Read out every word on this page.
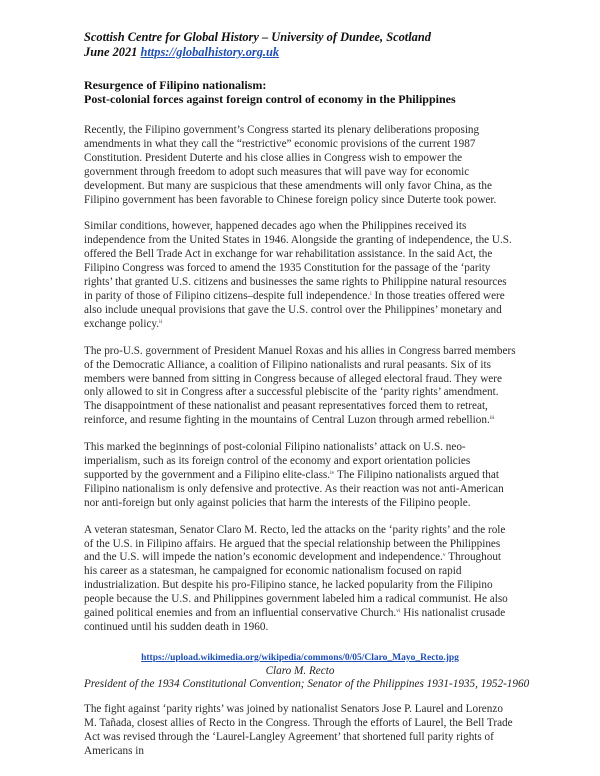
Scottish Centre for Global History – University of Dundee, Scotland
June 2021 https://globalhistory.org.uk
Resurgence of Filipino nationalism:
Post-colonial forces against foreign control of economy in the Philippines

Recently, the Filipino government’s Congress started its plenary deliberations proposing amendments in what they call the “restrictive” economic provisions of the current 1987 Constitution. President Duterte and his close allies in Congress wish to empower the government through freedom to adopt such measures that will pave way for economic development. But many are suspicious that these amendments will only favor China, as the Filipino government has been favorable to Chinese foreign policy since Duterte took power.

Similar conditions, however, happened decades ago when the Philippines received its independence from the United States in 1946. Alongside the granting of independence, the U.S. offered the Bell Trade Act in exchange for war rehabilitation assistance. In the said Act, the Filipino Congress was forced to amend the 1935 Constitution for the passage of the ‘parity rights’ that granted U.S. citizens and businesses the same rights to Philippine natural resources in parity of those of Filipino citizens–despite full independence.$^i$ In those treaties offered were also include unequal provisions that gave the U.S. control over the Philippines’ monetary and exchange policy.$^{ii}$

The pro-U.S. government of President Manuel Roxas and his allies in Congress barred members of the Democratic Alliance, a coalition of Filipino nationalists and rural peasants. Six of its members were banned from sitting in Congress because of alleged electoral fraud. They were only allowed to sit in Congress after a successful plebiscite of the ‘parity rights’ amendment. The disappointment of these nationalist and peasant representatives forced them to retreat, reinforce, and resume fighting in the mountains of Central Luzon through armed rebellion.$^{iii}$

This marked the beginnings of post-colonial Filipino nationalists’ attack on U.S. neo-imperialism, such as its foreign control of the economy and export orientation policies supported by the government and a Filipino elite-class.$^{iv}$ The Filipino nationalists argued that Filipino nationalism is only defensive and protective. As their reaction was not anti-American nor anti-foreign but only against policies that harm the interests of the Filipino people.

A veteran statesman, Senator Claro M. Recto, led the attacks on the ‘parity rights’ and the role of the U.S. in Filipino affairs. He argued that the special relationship between the Philippines and the U.S. will impede the nation’s economic development and independence.$^v$ Throughout his career as a statesman, he campaigned for economic nationalism focused on rapid industrialization. But despite his pro-Filipino stance, he lacked popularity from the Filipino people because the U.S. and Philippines government labeled him a radical communist. He also gained political enemies and from an influential conservative Church.$^{vi}$ His nationalist crusade continued until his sudden death in 1960.

https://upload.wikimedia.org/wikipedia/commons/0/05/Claro_Mayo_Recto.jpg
Claro M. Recto
President of the 1934 Constitutional Convention; Senator of the Philippines 1931-1935, 1952-1960

The fight against ‘parity rights’ was joined by nationalist Senators Jose P. Laurel and Lorenzo M. Tañada, closest allies of Recto in the Congress. Through the efforts of Laurel, the Bell Trade Act was revised through the ‘Laurel-Langley Agreement’ that shortened full parity rights of Americans in
